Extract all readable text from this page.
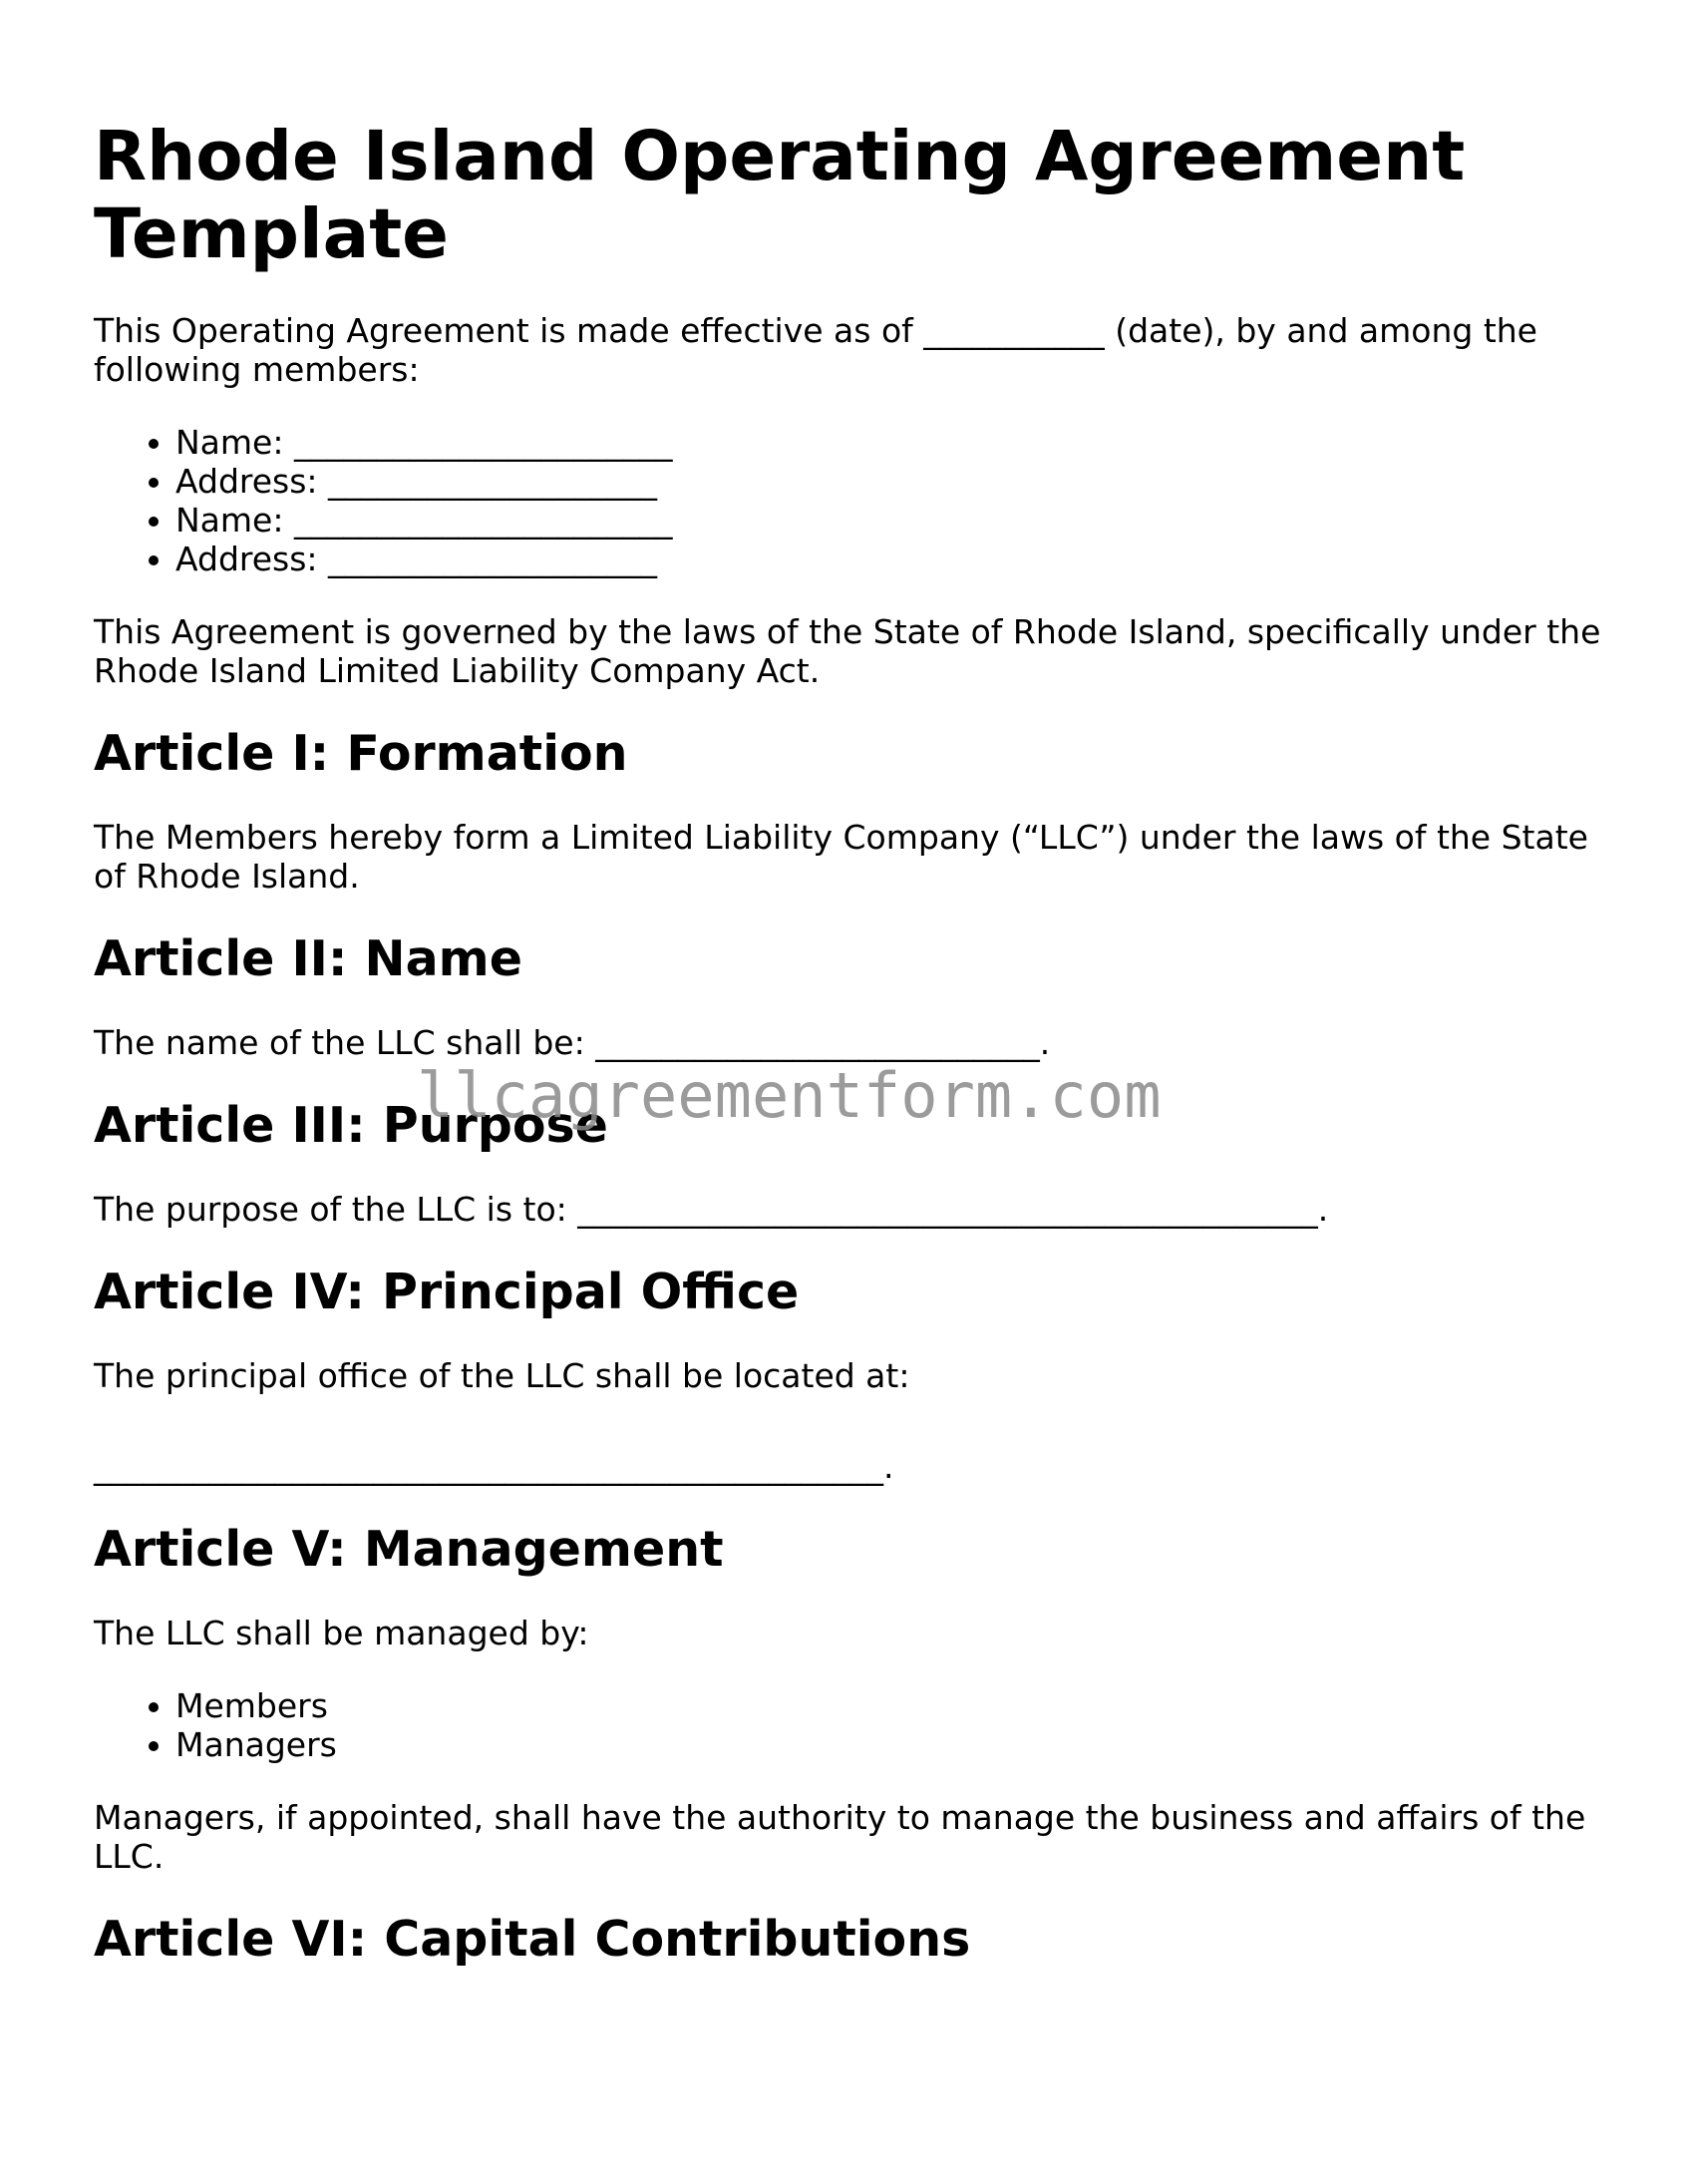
Rhode Island Operating Agreement Template

This Operating Agreement is made effective as of ___________ (date), by and among the following members:

• Name: _______________________
• Address: ____________________
• Name: _______________________
• Address: ____________________

This Agreement is governed by the laws of the State of Rhode Island, specifically under the Rhode Island Limited Liability Company Act.

Article I: Formation

The Members hereby form a Limited Liability Company (“LLC”) under the laws of the State of Rhode Island.

Article II: Name

The name of the LLC shall be: ___________________________.

Article III: Purpose

The purpose of the LLC is to: _____________________________________________.

Article IV: Principal Office

The principal office of the LLC shall be located at:

________________________________________________.

Article V: Management

The LLC shall be managed by:

• Members
• Managers

Managers, if appointed, shall have the authority to manage the business and affairs of the LLC.

Article VI: Capital Contributions
llcagreementform.com
